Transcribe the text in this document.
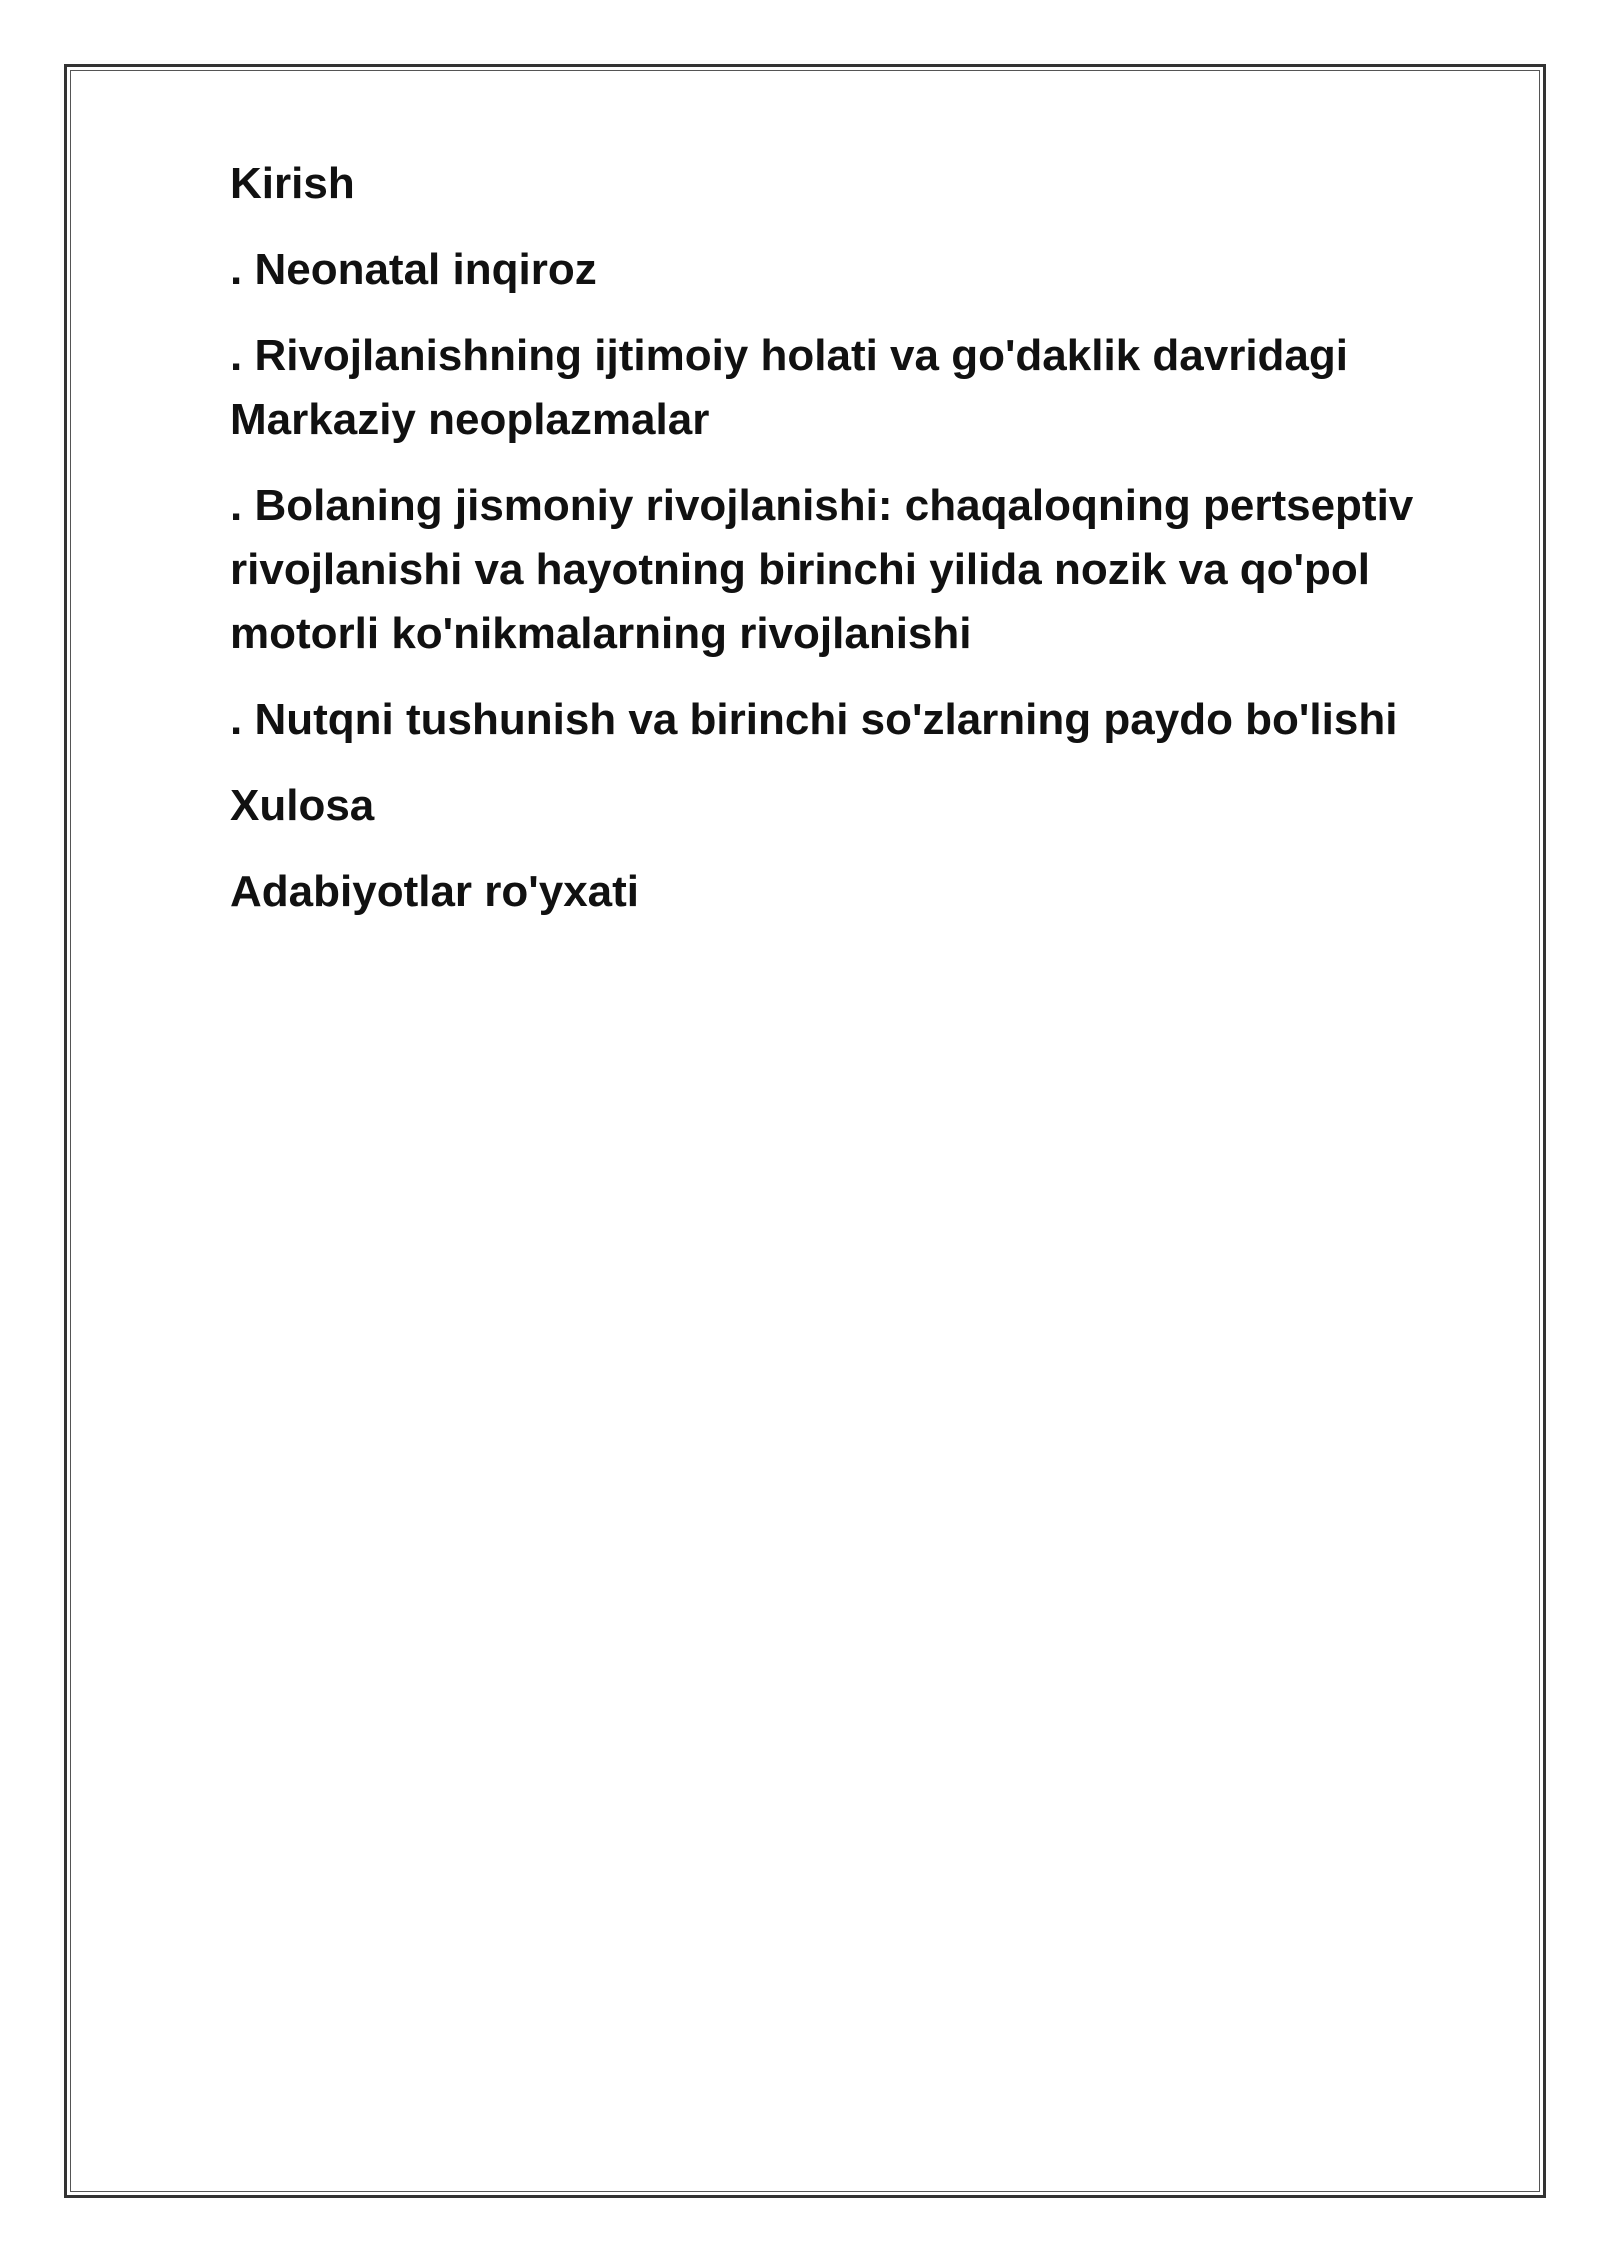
Kirish

. Neonatal inqiroz

. Rivojlanishning ijtimoiy holati va go'daklik davridagi Markaziy neoplazmalar

. Bolaning jismoniy rivojlanishi: chaqaloqning pertseptiv rivojlanishi va hayotning birinchi yilida nozik va qo'pol motorli ko'nikmalarning rivojlanishi

. Nutqni tushunish va birinchi so'zlarning paydo bo'lishi

Xulosa

Adabiyotlar ro'yxati
